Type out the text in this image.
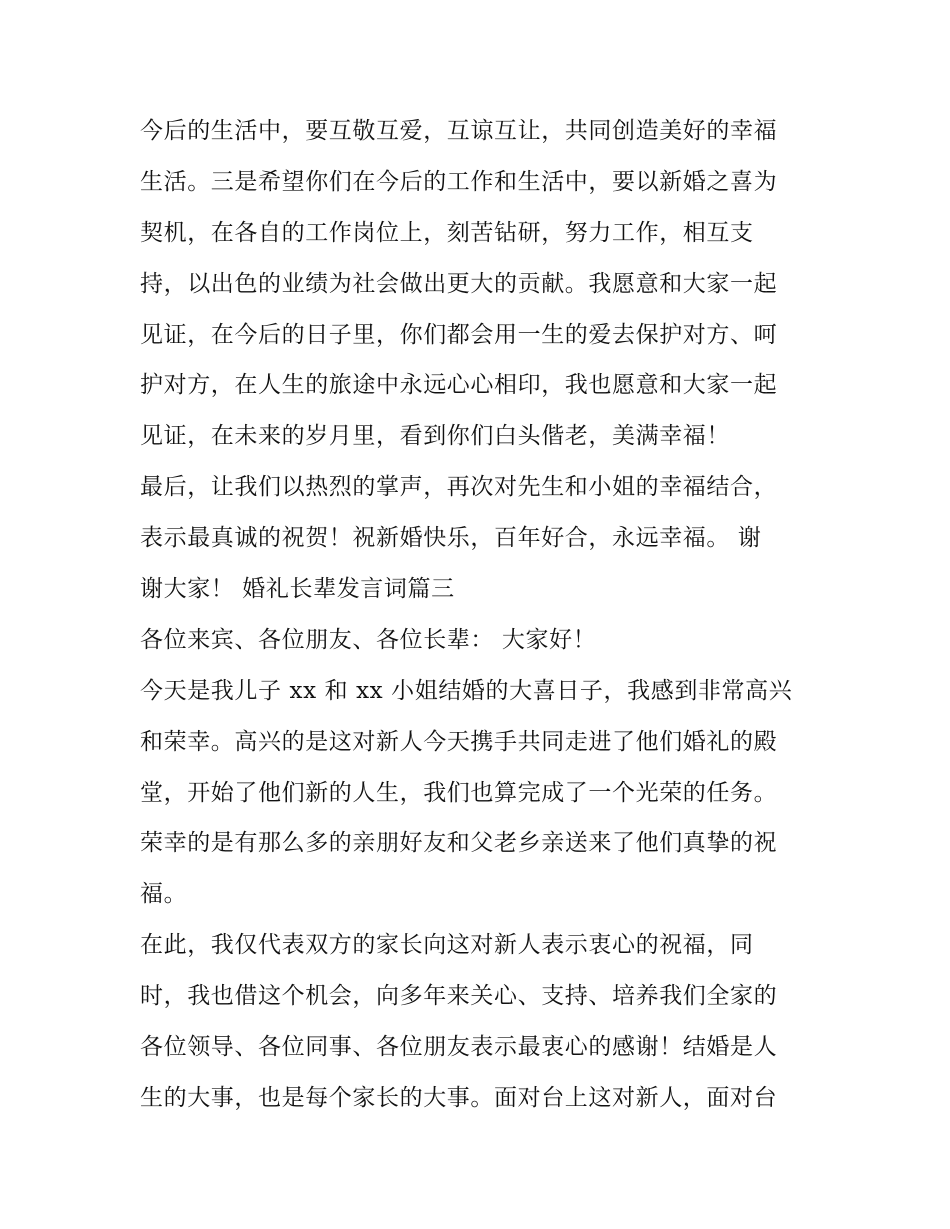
今后的生活中，要互敬互爱，互谅互让，共同创造美好的幸福
生活。三是希望你们在今后的工作和生活中，要以新婚之喜为
契机，在各自的工作岗位上，刻苦钻研，努力工作，相互支
持，以出色的业绩为社会做出更大的贡献。我愿意和大家一起
见证，在今后的日子里，你们都会用一生的爱去保护对方、呵
护对方，在人生的旅途中永远心心相印，我也愿意和大家一起
见证，在未来的岁月里，看到你们白头偕老，美满幸福！
最后，让我们以热烈的掌声，再次对先生和小姐的幸福结合，
表示最真诚的祝贺！祝新婚快乐，百年好合，永远幸福。 谢
谢大家！ 婚礼长辈发言词篇三
各位来宾、各位朋友、各位长辈： 大家好！
今天是我儿子 xx 和 xx 小姐结婚的大喜日子，我感到非常高兴
和荣幸。高兴的是这对新人今天携手共同走进了他们婚礼的殿
堂，开始了他们新的人生，我们也算完成了一个光荣的任务。
荣幸的是有那么多的亲朋好友和父老乡亲送来了他们真挚的祝
福。
在此，我仅代表双方的家长向这对新人表示衷心的祝福，同
时，我也借这个机会，向多年来关心、支持、培养我们全家的
各位领导、各位同事、各位朋友表示最衷心的感谢！结婚是人
生的大事，也是每个家长的大事。面对台上这对新人，面对台
